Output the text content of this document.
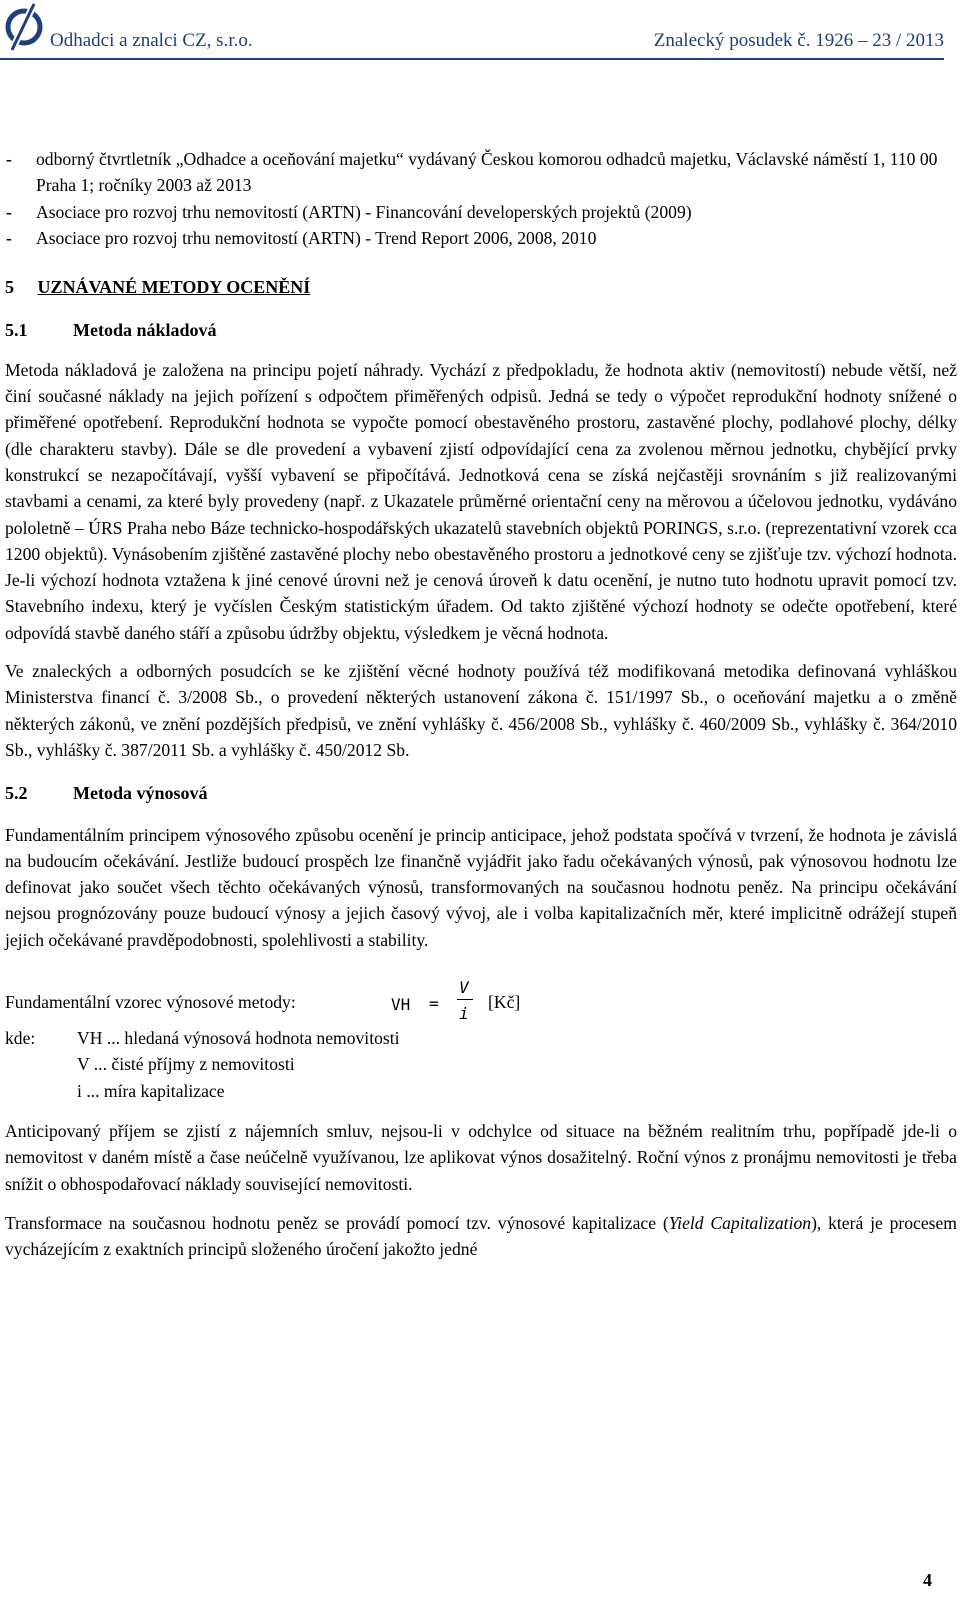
Odhadci a znalci CZ, s.r.o.	Znalecký posudek č. 1926 – 23 / 2013
- odborný čtvrtletník „Odhadce a oceňování majetku“ vydávaný Českou komorou odhadců majetku, Václavské náměstí 1, 110 00 Praha 1; ročníky 2003 až 2013
- Asociace pro rozvoj trhu nemovitostí (ARTN) - Financování developerských projektů (2009)
- Asociace pro rozvoj trhu nemovitostí (ARTN) - Trend Report 2006, 2008, 2010
5 UZNÁVANÉ METODY OCENĚNÍ
5.1	Metoda nákladová

Metoda nákladová je založena na principu pojetí náhrady. Vychází z předpokladu, že hodnota aktiv (nemovitostí) nebude větší, než činí současné náklady na jejich pořízení s odpočtem přiměřených odpisů. Jedná se tedy o výpočet reprodukční hodnoty snížené o přiměřené opotřebení. Reprodukční hodnota se vypočte pomocí obestavěného prostoru, zastavěné plochy, podlahové plochy, délky (dle charakteru stavby). Dále se dle provedení a vybavení zjistí odpovídající cena za zvolenou měrnou jednotku, chybějící prvky konstrukcí se nezapočítávají, vyšší vybavení se připočítává. Jednotková cena se získá nejčastěji srovnáním s již realizovanými stavbami a cenami, za které byly provedeny (např. z Ukazatele průměrné orientační ceny na měrovou a účelovou jednotku, vydáváno pololetně – ÚRS Praha nebo Báze technicko-hospodářských ukazatelů stavebních objektů PORINGS, s.r.o. (reprezentativní vzorek cca 1200 objektů). Vynásobením zjištěné zastavěné plochy nebo obestavěného prostoru a jednotkové ceny se zjišťuje tzv. výchozí hodnota. Je-li výchozí hodnota vztažena k jiné cenové úrovni než je cenová úroveň k datu ocenění, je nutno tuto hodnotu upravit pomocí tzv. Stavebního indexu, který je vyčíslen Českým statistickým úřadem. Od takto zjištěné výchozí hodnoty se odečte opotřebení, které odpovídá stavbě daného stáří a způsobu údržby objektu, výsledkem je věcná hodnota.

Ve znaleckých a odborných posudcích se ke zjištění věcné hodnoty používá též modifikovaná metodika definovaná vyhláškou Ministerstva financí č. 3/2008 Sb., o provedení některých ustanovení zákona č. 151/1997 Sb., o oceňování majetku a o změně některých zákonů, ve znění pozdějších předpisů, ve znění vyhlášky č. 456/2008 Sb., vyhlášky č. 460/2009 Sb., vyhlášky č. 364/2010 Sb., vyhlášky č. 387/2011 Sb. a vyhlášky č. 450/2012 Sb.

5.2	Metoda výnosová

Fundamentálním principem výnosového způsobu ocenění je princip anticipace, jehož podstata spočívá v tvrzení, že hodnota je závislá na budoucím očekávání. Jestliže budoucí prospěch lze finančně vyjádřit jako řadu očekávaných výnosů, pak výnosovou hodnotu lze definovat jako součet všech těchto očekávaných výnosů, transformovaných na současnou hodnotu peněz. Na principu očekávání nejsou prognózovány pouze budoucí výnosy a jejich časový vývoj, ale i volba kapitalizačních měr, které implicitně odrážejí stupeň jejich očekávané pravděpodobnosti, spolehlivosti a stability.

Fundamentální vzorec výnosové metody:	VH =
V
i
[Kč]
kde: VH ... hledaná výnosová hodnota nemovitosti
V ... čisté příjmy z nemovitosti
i ... míra kapitalizace

Anticipovaný příjem se zjistí z nájemních smluv, nejsou-li v odchylce od situace na běžném realitním trhu, popřípadě jde-li o nemovitost v daném místě a čase neúčelně využívanou, lze aplikovat výnos dosažitelný. Roční výnos z pronájmu nemovitosti je třeba snížit o obhospodařovací náklady související nemovitosti.

Transformace na současnou hodnotu peněz se provádí pomocí tzv. výnosové kapitalizace (Yield Capitalization), která je procesem vycházejícím z exaktních principů složeného úročení jakožto jedné

4
